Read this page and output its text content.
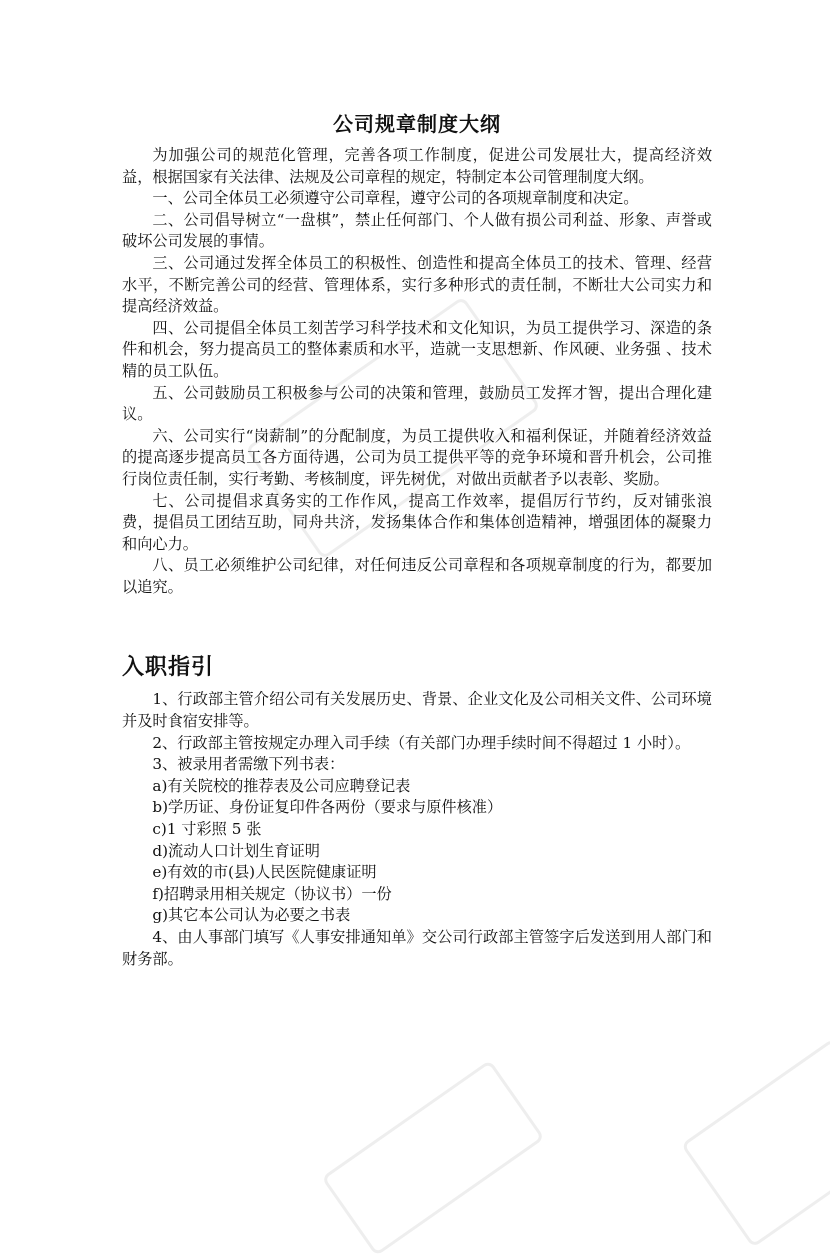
公司规章制度大纲

为加强公司的规范化管理，完善各项工作制度，促进公司发展壮大，提高经济效益，根据国家有关法律、法规及公司章程的规定，特制定本公司管理制度大纲。

一、公司全体员工必须遵守公司章程，遵守公司的各项规章制度和决定。

二、公司倡导树立“一盘棋”，禁止任何部门、个人做有损公司利益、形象、声誉或破坏公司发展的事情。

三、公司通过发挥全体员工的积极性、创造性和提高全体员工的技术、管理、经营水平，不断完善公司的经营、管理体系，实行多种形式的责任制，不断壮大公司实力和提高经济效益。

四、公司提倡全体员工刻苦学习科学技术和文化知识，为员工提供学习、深造的条件和机会，努力提高员工的整体素质和水平，造就一支思想新、作风硬、业务强 、技术精的员工队伍。

五、公司鼓励员工积极参与公司的决策和管理，鼓励员工发挥才智，提出合理化建议。

六、公司实行“岗薪制”的分配制度，为员工提供收入和福利保证，并随着经济效益的提高逐步提高员工各方面待遇，公司为员工提供平等的竞争环境和晋升机会，公司推行岗位责任制，实行考勤、考核制度，评先树优，对做出贡献者予以表彰、奖励。

七、公司提倡求真务实的工作作风，提高工作效率，提倡厉行节约，反对铺张浪费，提倡员工团结互助，同舟共济，发扬集体合作和集体创造精神，增强团体的凝聚力和向心力。

八、员工必须维护公司纪律，对任何违反公司章程和各项规章制度的行为，都要加以追究。

入职指引

1、行政部主管介绍公司有关发展历史、背景、企业文化及公司相关文件、公司环境并及时食宿安排等。

2、行政部主管按规定办理入司手续（有关部门办理手续时间不得超过 1 小时）。

3、被录用者需缴下列书表：

a)有关院校的推荐表及公司应聘登记表

b)学历证、身份证复印件各两份（要求与原件核准）

c)1 寸彩照 5 张

d)流动人口计划生育证明

e)有效的市(县)人民医院健康证明

f)招聘录用相关规定（协议书）一份

g)其它本公司认为必要之书表

4、由人事部门填写《人事安排通知单》交公司行政部主管签字后发送到用人部门和财务部。
